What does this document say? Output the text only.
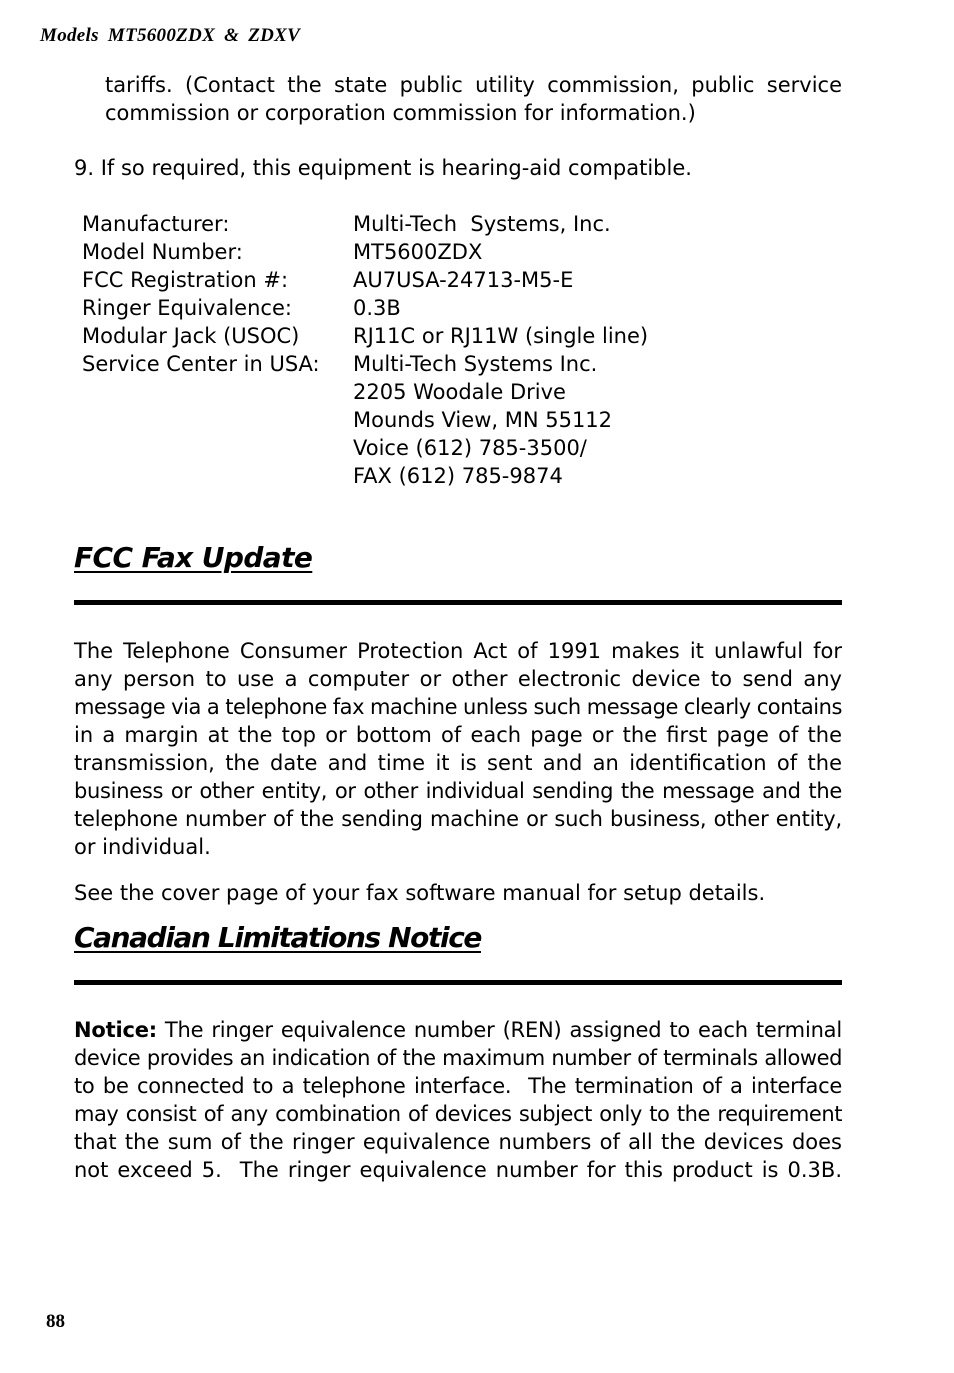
Models MT5600ZDX & ZDXV
tariffs. (Contact the state public utility commission, public service
commission or corporation commission for information.)
9. If so required, this equipment is hearing-aid compatible.
Manufacturer:	Multi-Tech  Systems, Inc.
Model Number:	MT5600ZDX
FCC Registration #:	AU7USA-24713-M5-E
Ringer Equivalence:	0.3B
Modular Jack (USOC)	RJ11C or RJ11W (single line)
Service Center in USA:	Multi-Tech Systems Inc.
	2205 Woodale Drive
	Mounds View, MN 55112
	Voice (612) 785-3500/
	FAX (612) 785-9874
FCC Fax Update
The Telephone Consumer Protection Act of 1991 makes it unlawful for
any person to use a computer or other electronic device to send any
message via a telephone fax machine unless such message clearly contains
in a margin at the top or bottom of each page or the first page of the
transmission, the date and time it is sent and an identification of the
business or other entity, or other individual sending the message and the
telephone number of the sending machine or such business, other entity,
or individual.
See the cover page of your fax software manual for setup details.
Canadian Limitations Notice
Notice: The ringer equivalence number (REN) assigned to each terminal
device provides an indication of the maximum number of terminals allowed
to be connected to a telephone interface.  The termination of a interface
may consist of any combination of devices subject only to the requirement
that the sum of the ringer equivalence numbers of all the devices does
not exceed 5.  The ringer equivalence number for this product is 0.3B.
88
